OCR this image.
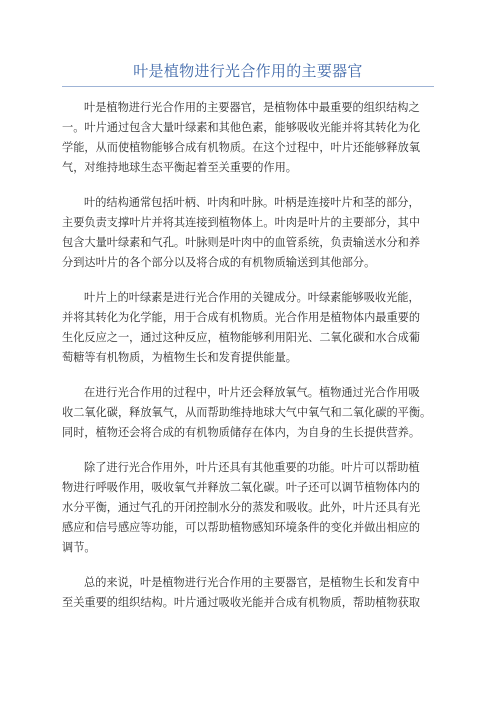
叶是植物进行光合作用的主要器官
叶是植物进行光合作用的主要器官，是植物体中最重要的组织结构之
一。叶片通过包含大量叶绿素和其他色素，能够吸收光能并将其转化为化
学能，从而使植物能够合成有机物质。在这个过程中，叶片还能够释放氧
气，对维持地球生态平衡起着至关重要的作用。
叶的结构通常包括叶柄、叶肉和叶脉。叶柄是连接叶片和茎的部分，
主要负责支撑叶片并将其连接到植物体上。叶肉是叶片的主要部分，其中
包含大量叶绿素和气孔。叶脉则是叶肉中的血管系统，负责输送水分和养
分到达叶片的各个部分以及将合成的有机物质输送到其他部分。
叶片上的叶绿素是进行光合作用的关键成分。叶绿素能够吸收光能，
并将其转化为化学能，用于合成有机物质。光合作用是植物体内最重要的
生化反应之一，通过这种反应，植物能够利用阳光、二氧化碳和水合成葡
萄糖等有机物质，为植物生长和发育提供能量。
在进行光合作用的过程中，叶片还会释放氧气。植物通过光合作用吸
收二氧化碳，释放氧气，从而帮助维持地球大气中氧气和二氧化碳的平衡。
同时，植物还会将合成的有机物质储存在体内，为自身的生长提供营养。
除了进行光合作用外，叶片还具有其他重要的功能。叶片可以帮助植
物进行呼吸作用，吸收氧气并释放二氧化碳。叶子还可以调节植物体内的
水分平衡，通过气孔的开闭控制水分的蒸发和吸收。此外，叶片还具有光
感应和信号感应等功能，可以帮助植物感知环境条件的变化并做出相应的
调节。
总的来说，叶是植物进行光合作用的主要器官，是植物生长和发育中
至关重要的组织结构。叶片通过吸收光能并合成有机物质，帮助植物获取
